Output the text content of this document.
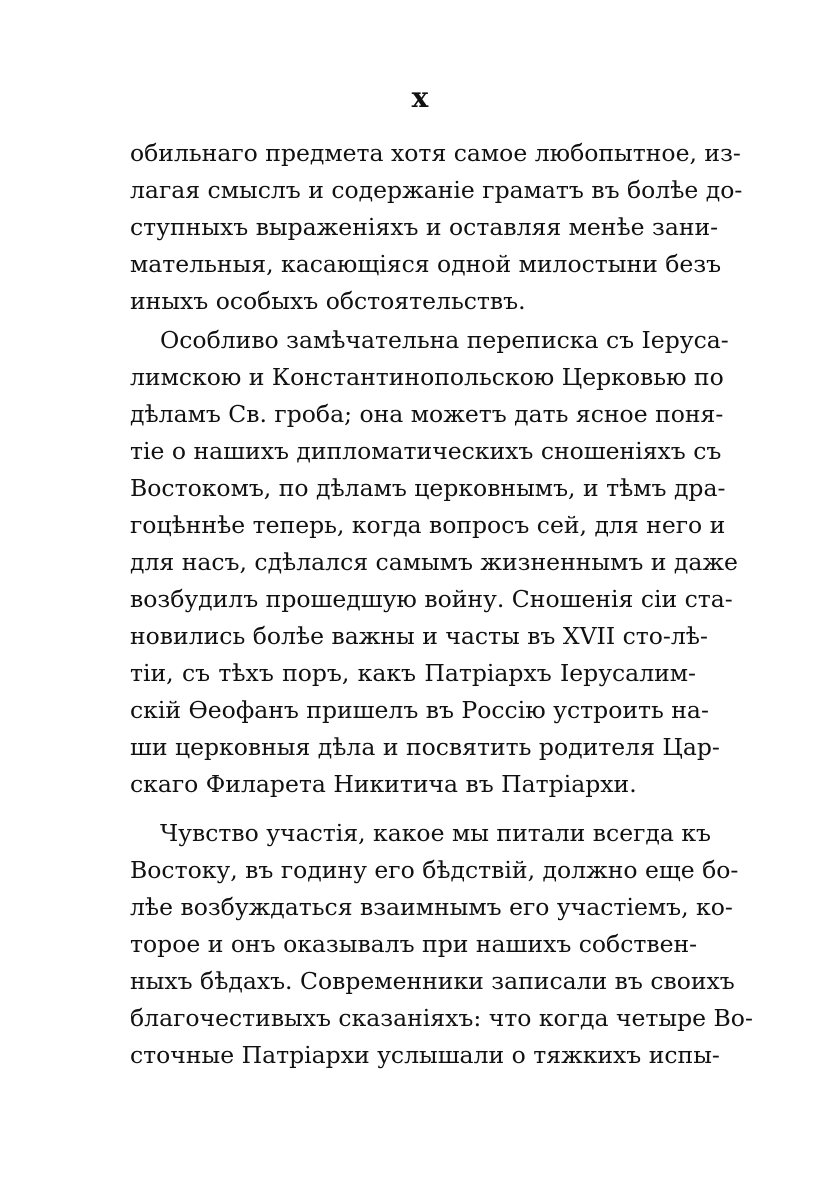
x
обильнаго предмета хотя самое любопытное, из-
лагая смыслъ и содержаніе граматъ въ болѣе до-
ступныхъ выраженіяхъ и оставляя менѣе зани-
мательныя, касающіяся одной милостыни безъ
иныхъ особыхъ обстоятельствъ.
Особливо замѣчательна переписка съ Іеруса-
лимскою и Константинопольскою Церковью по
дѣламъ Св. гроба; она можетъ дать ясное поня-
тіе о нашихъ дипломатическихъ сношеніяхъ съ
Востокомъ, по дѣламъ церковнымъ, и тѣмъ дра-
гоцѣннѣе теперь, когда вопросъ сей, для него и
для насъ, сдѣлался самымъ жизненнымъ и даже
возбудилъ прошедшую войну. Сношенія сіи ста-
новились болѣе важны и часты въ XVII сто-лѣ-
тіи, съ тѣхъ поръ, какъ Патріархъ Іерусалим-
скій Ѳеофанъ пришелъ въ Россію устроить на-
ши церковныя дѣла и посвятить родителя Цар-
скаго Филарета Никитича въ Патріархи.
Чувство участія, какое мы питали всегда къ
Востоку, въ годину его бѣдствій, должно еще бо-
лѣе возбуждаться взаимнымъ его участіемъ, ко-
торое и онъ оказывалъ при нашихъ собствен-
ныхъ бѣдахъ. Современники записали въ своихъ
благочестивыхъ сказаніяхъ: что когда четыре Во-
сточные Патріархи услышали о тяжкихъ испы-
